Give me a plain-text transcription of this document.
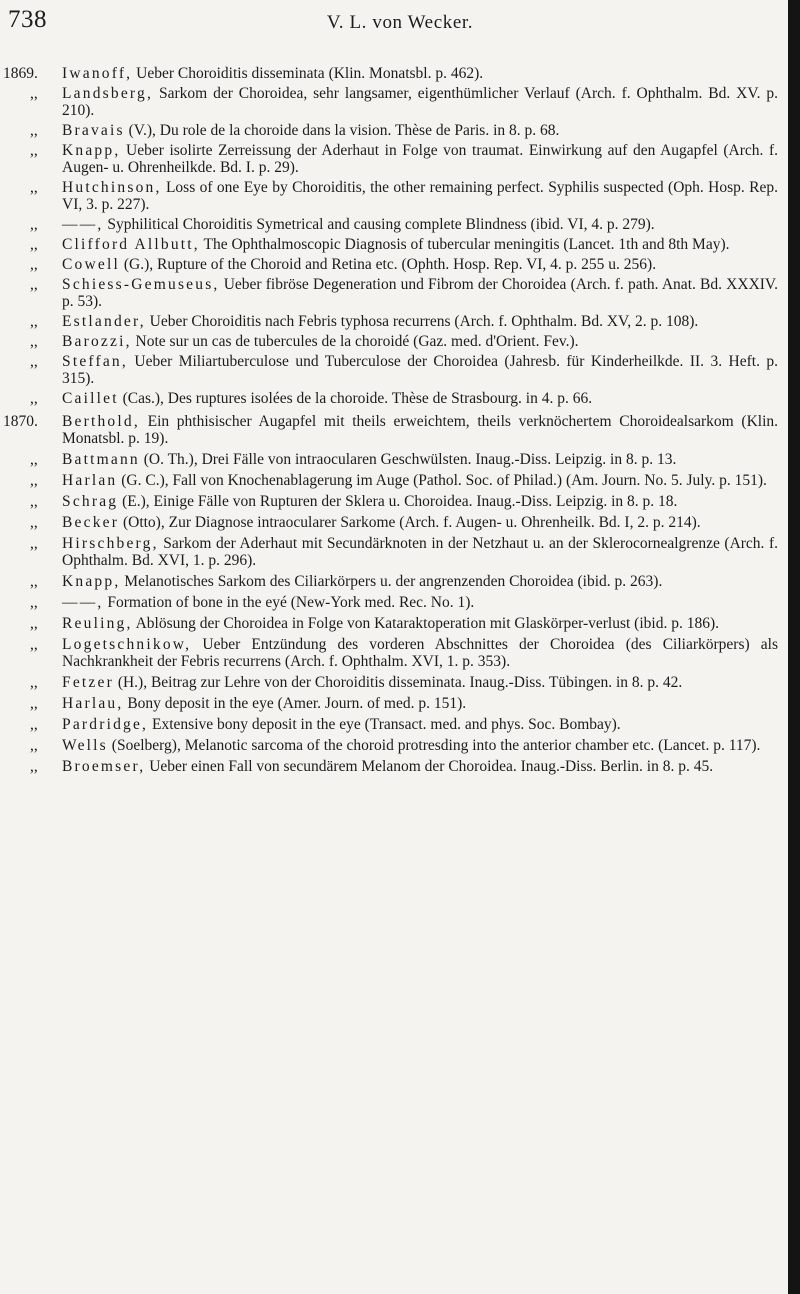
738	V. L. von Wecker.
1869. Iwanoff, Ueber Choroiditis disseminata (Klin. Monatsbl. p. 462).
,,	Landsberg, Sarkom der Choroidea, sehr langsamer, eigenthümlicher Verlauf (Arch. f. Ophthalm. Bd. XV. p. 210).
,,	Bravais (V.), Du role de la choroide dans la vision. Thèse de Paris. in 8. p. 68.
,,	Knapp, Ueber isolirte Zerreissung der Aderhaut in Folge von traumat. Einwirkung auf den Augapfel (Arch. f. Augen- u. Ohrenheilkde. Bd. I. p. 29).
,,	Hutchinson, Loss of one Eye by Choroiditis, the other remaining perfect. Syphilis suspected (Oph. Hosp. Rep. VI, 3. p. 227).
,,	——, Syphilitical Choroiditis Symetrical and causing complete Blindness (ibid. VI, 4. p. 279).
,,	Clifford Allbutt, The Ophthalmoscopic Diagnosis of tubercular meningitis (Lancet. 1th and 8th May).
,,	Cowell (G.), Rupture of the Choroid and Retina etc. (Ophth. Hosp. Rep. VI, 4. p. 255 u. 256).
,,	Schiess-Gemuseus, Ueber fibröse Degeneration und Fibrom der Choroidea (Arch. f. path. Anat. Bd. XXXIV. p. 53).
,,	Estlander, Ueber Choroiditis nach Febris typhosa recurrens (Arch. f. Ophthalm. Bd. XV, 2. p. 108).
,,	Barozzi, Note sur un cas de tubercules de la choroidé (Gaz. med. d'Orient. Fev.).
,,	Steffan, Ueber Miliartuberculose und Tuberculose der Choroidea (Jahresb. für Kinderheilkde. II. 3. Heft. p. 315).
,,	Caillet (Cas.), Des ruptures isolées de la choroide. Thèse de Strasbourg. in 4. p. 66.
1870. Berthold, Ein phthisischer Augapfel mit theils erweichtem, theils verknöchertem Choroidealsarkom (Klin. Monatsbl. p. 19).
,,	Battmann (O. Th.), Drei Fälle von intraocularen Geschwülsten. Inaug.-Diss. Leipzig. in 8. p. 13.
,,	Harlan (G. C.), Fall von Knochenablagerung im Auge (Pathol. Soc. of Philad.) (Am. Journ. No. 5. July. p. 151).
,,	Schrag (E.), Einige Fälle von Rupturen der Sklera u. Choroidea. Inaug.-Diss. Leipzig. in 8. p. 18.
,,	Becker (Otto), Zur Diagnose intraocularer Sarkome (Arch. f. Augen- u. Ohrenheilk. Bd. I, 2. p. 214).
,,	Hirschberg, Sarkom der Aderhaut mit Secundärknoten in der Netzhaut u. an der Sklerocornealgrenze (Arch. f. Ophthalm. Bd. XVI, 1. p. 296).
,,	Knapp, Melanotisches Sarkom des Ciliarkörpers u. der angrenzenden Choroidea (ibid. p. 263).
,,	——, Formation of bone in the eyé (New-York med. Rec. No. 1).
,,	Reuling, Ablösung der Choroidea in Folge von Kataraktoperation mit Glaskörper-verlust (ibid. p. 186).
,,	Logetschnikow, Ueber Entzündung des vorderen Abschnittes der Choroidea (des Ciliarkörpers) als Nachkrankheit der Febris recurrens (Arch. f. Ophthalm. XVI, 1. p. 353).
,,	Fetzer (H.), Beitrag zur Lehre von der Choroiditis disseminata. Inaug.-Diss. Tübingen. in 8. p. 42.
,,	Harlau, Bony deposit in the eye (Amer. Journ. of med. p. 151).
,,	Pardridge, Extensive bony deposit in the eye (Transact. med. and phys. Soc. Bombay).
,,	Wells (Soelberg), Melanotic sarcoma of the choroid protresding into the anterior chamber etc. (Lancet. p. 117).
,,	Broemser, Ueber einen Fall von secundärem Melanom der Choroidea. Inaug.-Diss. Berlin. in 8. p. 45.
